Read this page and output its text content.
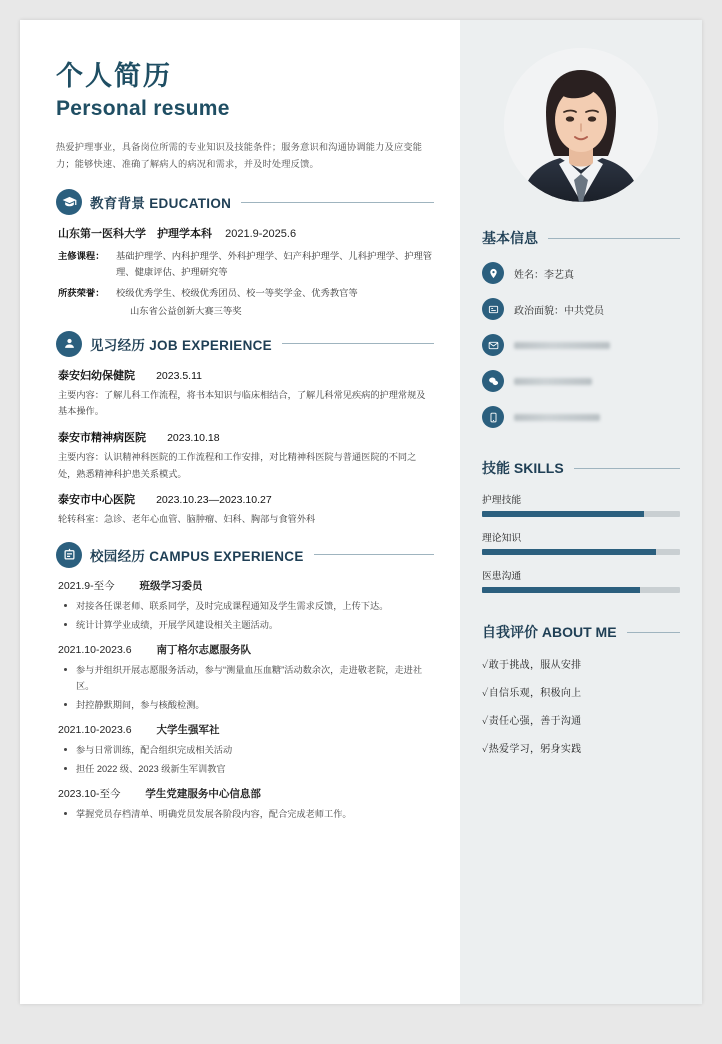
个人简历
Personal resume

热爱护理事业，具备岗位所需的专业知识及技能条件；服务意识和沟通协调能力及应变能力；能够快速、准确了解病人的病况和需求，并及时处理反馈。

教育背景 EDUCATION
山东第一医科大学 护理学本科 2021.9-2025.6
主修课程：	基础护理学、内科护理学、外科护理学、妇产科护理学、儿科护理学、护理管理、健康评估、护理研究等
所获荣誉：	校级优秀学生、校级优秀团员、校一等奖学金、优秀教官等
山东省公益创新大赛三等奖
见习经历 JOB EXPERIENCE
泰安妇幼保健院 2023.5.11
主要内容：了解儿科工作流程，将书本知识与临床相结合，了解儿科常见疾病的护理常规及基本操作。
泰安市精神病医院 2023.10.18
主要内容：认识精神科医院的工作流程和工作安排，对比精神科医院与普通医院的不同之处，熟悉精神科护患关系模式。
泰安市中心医院 2023.10.23—2023.10.27
轮转科室：急诊、老年心血管、脑肿瘤、妇科、胸部与食管外科
校园经历 CAMPUS EXPERIENCE
2021.9-至今 班级学习委员
对接各任课老师、联系同学，及时完成课程通知及学生需求反馈，上传下达。
统计计算学业成绩，开展学风建设相关主题活动。
2021.10-2023.6 南丁格尔志愿服务队
参与并组织开展志愿服务活动，参与“测量血压血糖”活动数余次，走进敬老院，走进社区。
封控静默期间，参与核酸检测。
2021.10-2023.6 大学生强军社
参与日常训练，配合组织完成相关活动
担任 2022 级、2023 级新生军训教官
2023.10-至今 学生党建服务中心信息部
掌握党员存档清单、明确党员发展各阶段内容，配合完成老师工作。
基本信息
姓名：李艺真
政治面貌：中共党员
技能 SKILLS
护理技能
理论知识
医患沟通
自我评价 ABOUT ME
✓敢于挑战，服从安排
✓自信乐观，积极向上
✓责任心强，善于沟通
✓热爱学习，躬身实践
